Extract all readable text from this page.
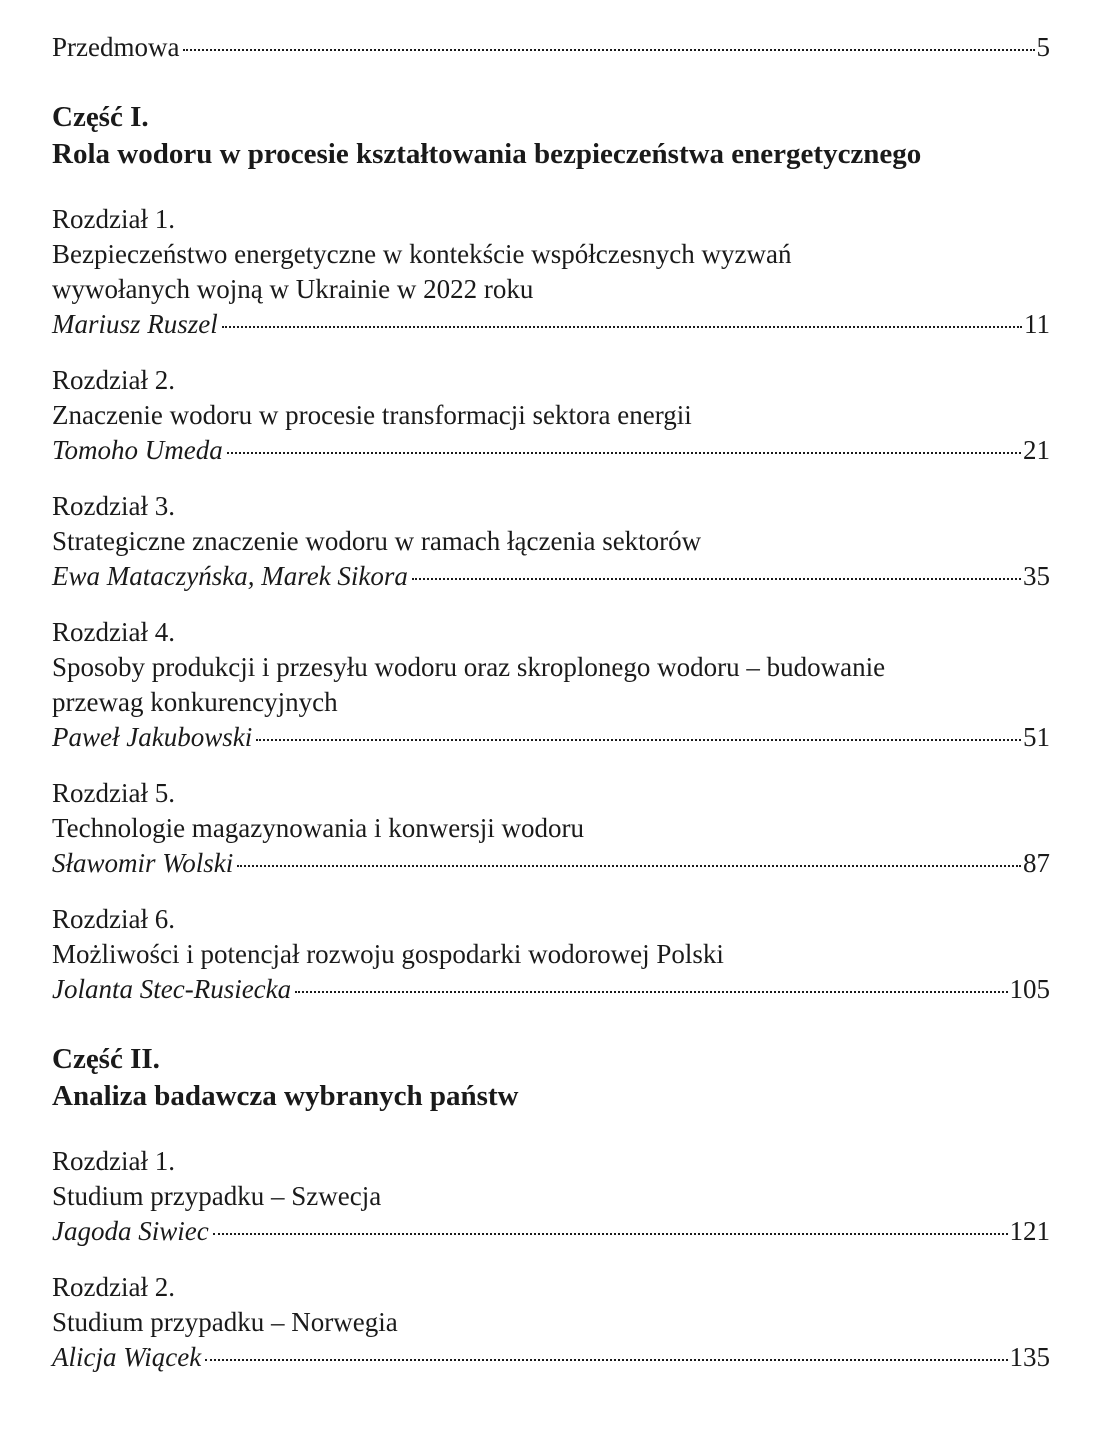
Przedmowa	5
Część I.
Rola wodoru w procesie kształtowania bezpieczeństwa energetycznego
Rozdział 1.
Bezpieczeństwo energetyczne w kontekście współczesnych wyzwań
wywołanych wojną w Ukrainie w 2022 roku
Mariusz Ruszel	11
Rozdział 2.
Znaczenie wodoru w procesie transformacji sektora energii
Tomoho Umeda	21
Rozdział 3.
Strategiczne znaczenie wodoru w ramach łączenia sektorów
Ewa Mataczyńska, Marek Sikora	35
Rozdział 4.
Sposoby produkcji i przesyłu wodoru oraz skroplonego wodoru – budowanie
przewag konkurencyjnych
Paweł Jakubowski	51
Rozdział 5.
Technologie magazynowania i konwersji wodoru
Sławomir Wolski	87
Rozdział 6.
Możliwości i potencjał rozwoju gospodarki wodorowej Polski
Jolanta Stec-Rusiecka	105
Część II.
Analiza badawcza wybranych państw
Rozdział 1.
Studium przypadku – Szwecja
Jagoda Siwiec	121
Rozdział 2.
Studium przypadku – Norwegia
Alicja Wiącek	135
